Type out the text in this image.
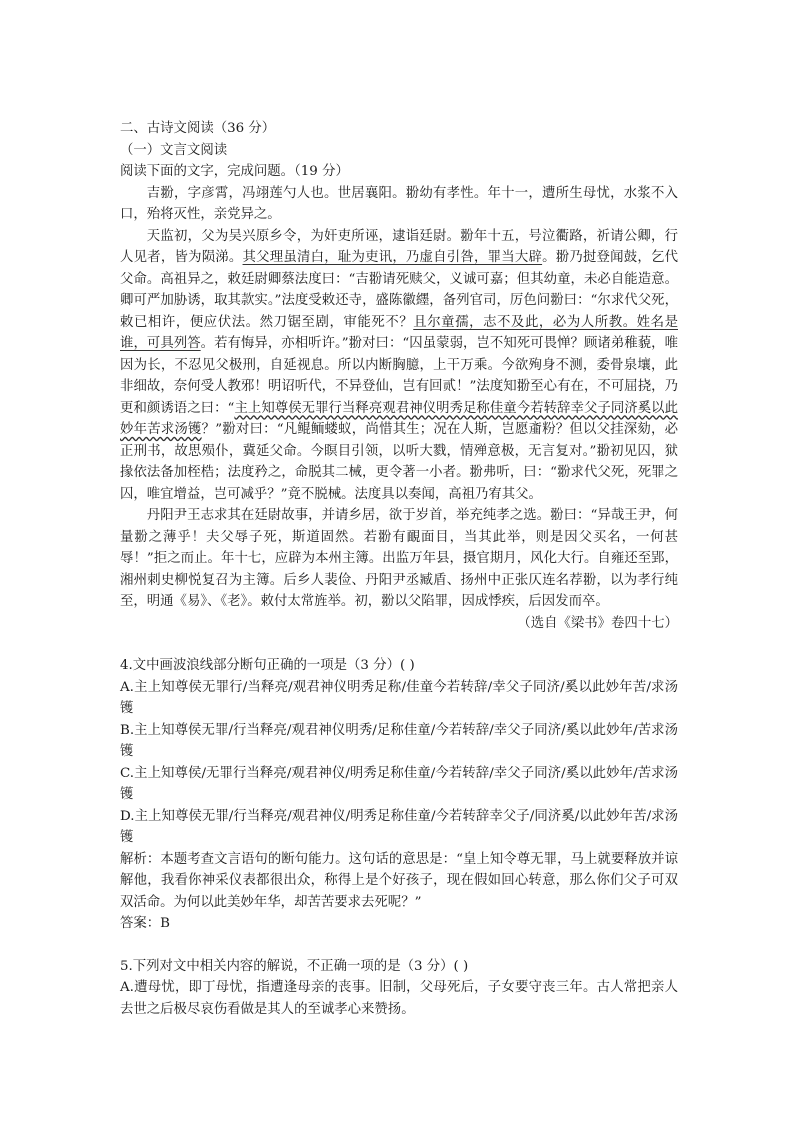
二、古诗文阅读（36 分）

（一）文言文阅读

阅读下面的文字，完成问题。（19 分）

吉翂，字彦霄，冯翊莲勺人也。世居襄阳。翂幼有孝性。年十一，遭所生母忧，水浆不入口，殆将灭性，亲党异之。

天监初，父为吴兴原乡令，为奸吏所诬，逮诣廷尉。翂年十五，号泣衢路，祈请公卿，行人见者，皆为陨涕。其父理虽清白，耻为吏讯，乃虚自引咎，罪当大辟。翂乃挝登闻鼓，乞代父命。高祖异之，敕廷尉卿蔡法度曰：“吉翂请死赎父，义诚可嘉；但其幼童，未必自能造意。卿可严加胁诱，取其款实。”法度受敕还寺，盛陈徽纆，备列官司，厉色问翂曰：“尔求代父死，敕已相许，便应伏法。然刀锯至剧，审能死不？且尔童孺，志不及此，必为人所教。姓名是谁，可具列答。若有悔异，亦相听许。”翂对曰：“囚虽蒙弱，岂不知死可畏惮？顾诸弟稚藐，唯因为长，不忍见父极刑，自延视息。所以内断胸臆，上干万乘。今欲殉身不测，委骨泉壤，此非细故，奈何受人教邪！明诏听代，不异登仙，岂有回贰！”法度知翂至心有在，不可屈挠，乃更和颜诱语之曰：“主上知尊侯无罪行当释亮观君神仪明秀足称佳童今若转辞幸父子同济奚以此妙年苦求汤镬？”翂对曰：“凡鲲鲕蝼蚁，尚惜其生；况在人斯，岂愿齑粉？但以父挂深劾，必正刑书，故思殒仆，冀延父命。今瞑目引领，以听大戮，情殚意极，无言复对。”翂初见囚，狱掾依法备加桎梏；法度矜之，命脱其二械，更令著一小者。翂弗听，曰：“翂求代父死，死罪之囚，唯宜增益，岂可减乎？”竟不脱械。法度具以奏闻，高祖乃宥其父。

丹阳尹王志求其在廷尉故事，并请乡居，欲于岁首，举充纯孝之选。翂曰：“异哉王尹，何量翂之薄乎！夫父辱子死，斯道固然。若翂有靦面目，当其此举，则是因父买名，一何甚辱！”拒之而止。年十七，应辟为本州主簿。出监万年县，摄官期月，风化大行。自雍还至郢，湘州刺史柳悦复召为主簿。后乡人裴俭、丹阳尹丞臧盾、扬州中正张仄连名荐翂，以为孝行纯至，明通《易》、《老》。敕付太常旌举。初，翂以父陷罪，因成悸疾，后因发而卒。

（选自《梁书》卷四十七）

4.文中画波浪线部分断句正确的一项是（3 分）( )

A.主上知尊侯无罪行/当释亮/观君神仪明秀足称/佳童今若转辞/幸父子同济/奚以此妙年苦/求汤镬

B.主上知尊侯无罪/行当释亮/观君神仪明秀/足称佳童/今若转辞/幸父子同济/奚以此妙年/苦求汤镬

C.主上知尊侯/无罪行当释亮/观君神仪/明秀足称佳童/今若转辞/幸父子同济/奚以此妙年/苦求汤镬

D.主上知尊侯无罪/行当释亮/观君神仪/明秀足称佳童/今若转辞幸父子/同济奚/以此妙年苦/求汤镬

解析：本题考查文言语句的断句能力。这句话的意思是：“皇上知令尊无罪，马上就要释放并谅解他，我看你神采仪表都很出众，称得上是个好孩子，现在假如回心转意，那么你们父子可双双活命。为何以此美妙年华，却苦苦要求去死呢？”

答案：B

5.下列对文中相关内容的解说，不正确一项的是（3 分）( )

A.遭母忧，即丁母忧，指遭逢母亲的丧事。旧制，父母死后，子女要守丧三年。古人常把亲人去世之后极尽哀伤看做是其人的至诚孝心来赞扬。
